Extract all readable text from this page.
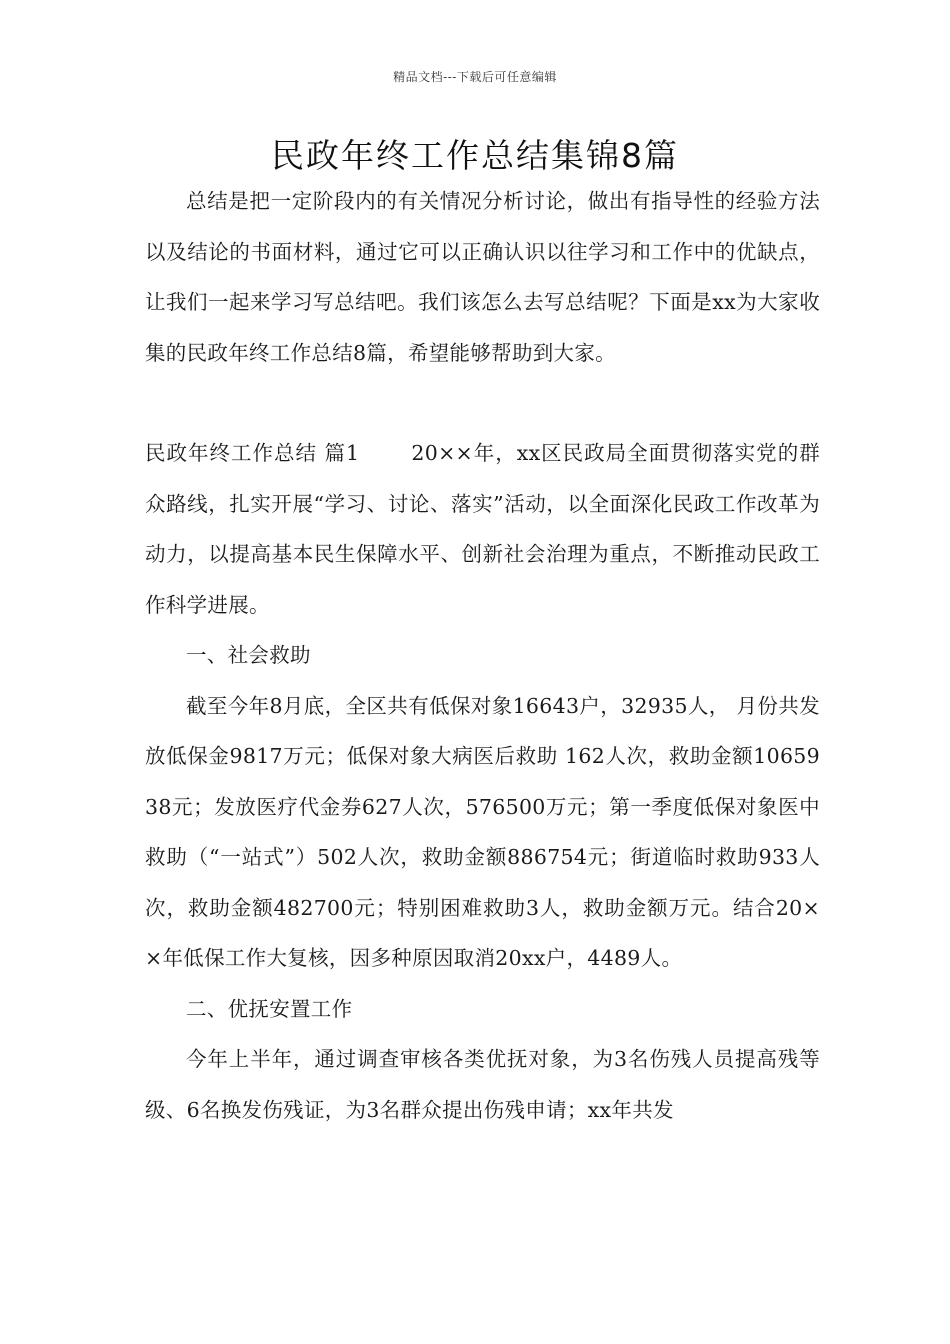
精品文档---下载后可任意编辑
民政年终工作总结集锦8篇

总结是把一定阶段内的有关情况分析讨论，做出有指导性的经验方法以及结论的书面材料，通过它可以正确认识以往学习和工作中的优缺点，让我们一起来学习写总结吧。我们该怎么去写总结呢？下面是xx为大家收集的民政年终工作总结8篇，希望能够帮助到大家。

民政年终工作总结 篇1	20××年，xx区民政局全面贯彻落实党的群众路线，扎实开展“学习、讨论、落实”活动，以全面深化民政工作改革为动力，以提高基本民生保障水平、创新社会治理为重点，不断推动民政工作科学进展。

一、社会救助

截至今年8月底，全区共有低保对象16643户，32935人， 月份共发放低保金9817万元；低保对象大病医后救助 162人次，救助金额1065938元；发放医疗代金券627人次，576500万元；第一季度低保对象医中救助（“一站式”）502人次，救助金额886754元；街道临时救助933人次，救助金额482700元；特别困难救助3人，救助金额万元。结合20××年低保工作大复核，因多种原因取消20xx户，4489人。

二、优抚安置工作

今年上半年，通过调查审核各类优抚对象，为3名伤残人员提高残等级、6名换发伤残证，为3名群众提出伤残申请；xx年共发
